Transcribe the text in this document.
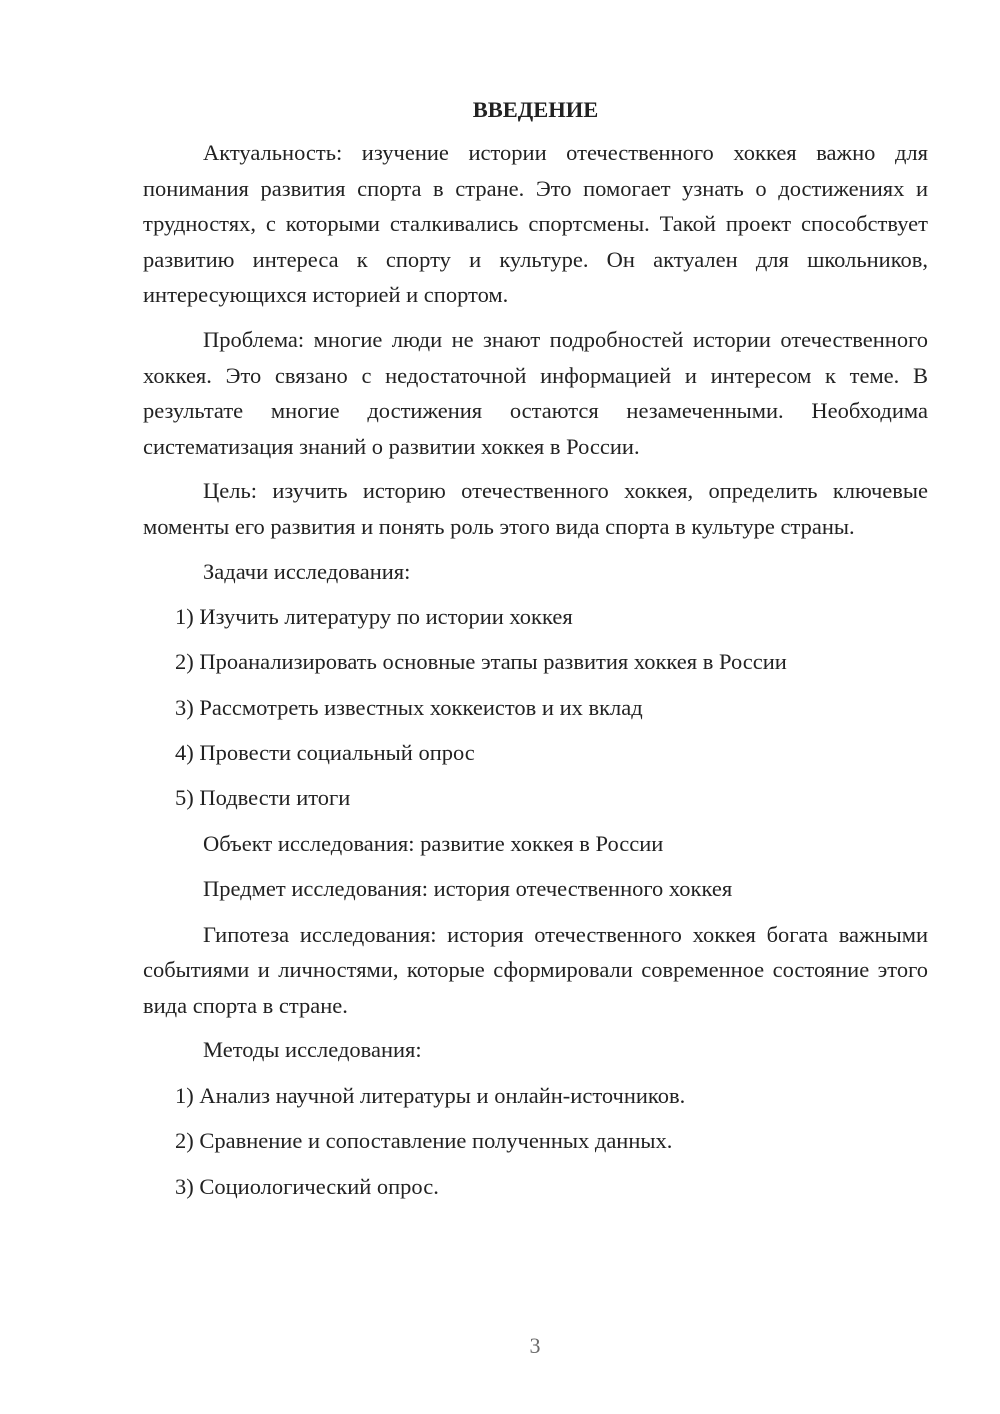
ВВЕДЕНИЕ

Актуальность: изучение истории отечественного хоккея важно для понимания развития спорта в стране. Это помогает узнать о достижениях и трудностях, с которыми сталкивались спортсмены. Такой проект способствует развитию интереса к спорту и культуре. Он актуален для школьников, интересующихся историей и спортом.

Проблема: многие люди не знают подробностей истории отечественного хоккея. Это связано с недостаточной информацией и интересом к теме. В результате многие достижения остаются незамеченными. Необходима систематизация знаний о развитии хоккея в России.

Цель: изучить историю отечественного хоккея, определить ключевые моменты его развития и понять роль этого вида спорта в культуре страны.

Задачи исследования:

1) Изучить литературу по истории хоккея

2) Проанализировать основные этапы развития хоккея в России

3) Рассмотреть известных хоккеистов и их вклад

4) Провести социальный опрос

5) Подвести итоги

Объект исследования: развитие хоккея в России

Предмет исследования: история отечественного хоккея

Гипотеза исследования: история отечественного хоккея богата важными событиями и личностями, которые сформировали современное состояние этого вида спорта в стране.

Методы исследования:

1) Анализ научной литературы и онлайн-источников.

2) Сравнение и сопоставление полученных данных.

3) Социологический опрос.

3
